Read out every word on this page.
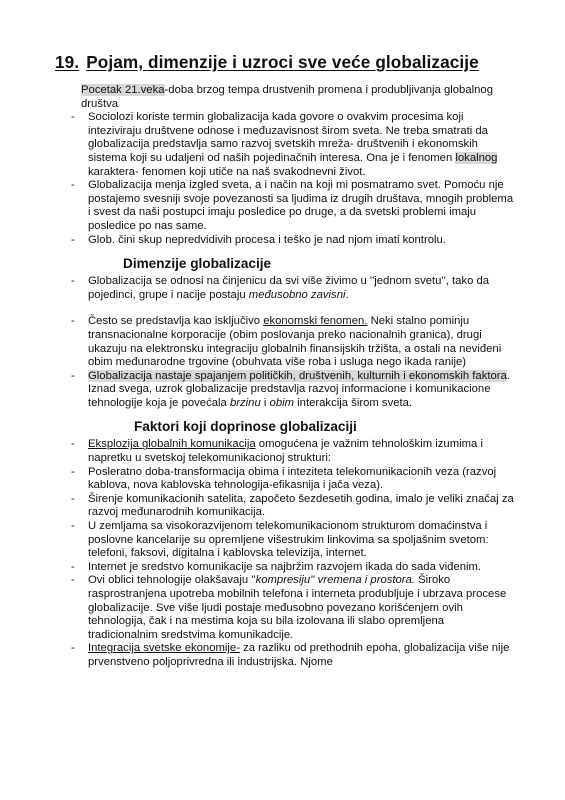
19. Pojam, dimenzije i uzroci sve veće globalizacije

Pocetak 21.veka-doba brzog tempa drustvenih promena i produbljivanja globalnog društva

- Sociolozi koriste termin globalizacija kada govore o ovakvim procesima koji inteziviraju društvene odnose i međuzavisnost širom sveta. Ne treba smatrati da globalizacija predstavlja samo razvoj svetskih mreža- društvenih i ekonomskih sistema koji su udaljeni od naših pojedinačnih interesa. Ona je i fenomen lokalnog karaktera- fenomen koji utiče na naš svakodnevni život.
- Globalizacija menja izgled sveta, a i način na koji mi posmatramo svet. Pomoću nje postajemo svesniji svoje povezanosti sa ljudima iz drugih društava, mnogih problema i svest da naši postupci imaju posledice po druge, a da svetski problemi imaju posledice po nas same.
- Glob. čini skup nepredvidivih procesa i teško je nad njom imati kontrolu.
Dimenzije globalizacije
- Globalizacija se odnosi na činjenicu da svi više živimo u ''jednom svetu'', tako da pojedinci, grupe i nacije postaju međusobno zavisni.
- Često se predstavlja kao isključivo ekonomski fenomen. Neki stalno pominju transnacionalne korporacije (obim poslovanja preko nacionalnih granica), drugi ukazuju na elektronsku integraciju globalnih finansijskih tržišta, a ostali na neviđeni obim međunarodne trgovine (obuhvata više roba i usluga nego ikada ranije)
- Globalizacija nastaje spajanjem političkih, društvenih, kulturnih i ekonomskih faktora. Iznad svega, uzrok globalizacije predstavlja razvoj informacione i komunikacione tehnologije koja je povećala brzinu i obim interakcija širom sveta.
Faktori koji doprinose globalizaciji
- Eksplozija globalnih komunikacija omogućena je važnim tehnološkim izumima i napretku u svetskoj telekomunikacionoj strukturi:
- Posleratno doba-transformacija obima i inteziteta telekomunikacionih veza (razvoj kablova, nova kablovska tehnologija-efikasnija i jača veza).
- Širenje komunikacionih satelita, započeto šezdesetih godina, imalo je veliki značaj za razvoj međunarodnih komunikacija.
- U zemljama sa visokorazvijenom telekomunikacionom strukturom domaćinstva i poslovne kancelarije su opremljene višestrukim linkovima sa spoljašnim svetom: telefoni, faksovi, digitalna i kablovska televizija, internet.
- Internet je sredstvo komunikacije sa najbržim razvojem ikada do sada viđenim.
- Ovi oblici tehnologije olakšavaju ''kompresiju'' vremena i prostora. Široko rasprostranjena upotreba mobilnih telefona i interneta produbljuje i ubrzava procese globalizacije. Sve više ljudi postaje međusobno povezano korišćenjem ovih tehnologija, čak i na mestima koja su bila izolovana ili slabo opremljena tradicionalnim sredstvima komunikadcije.
- Integracija svetske ekonomije- za razliku od prethodnih epoha, globalizacija više nije prvenstveno poljoprivredna ili industrijska. Njome
